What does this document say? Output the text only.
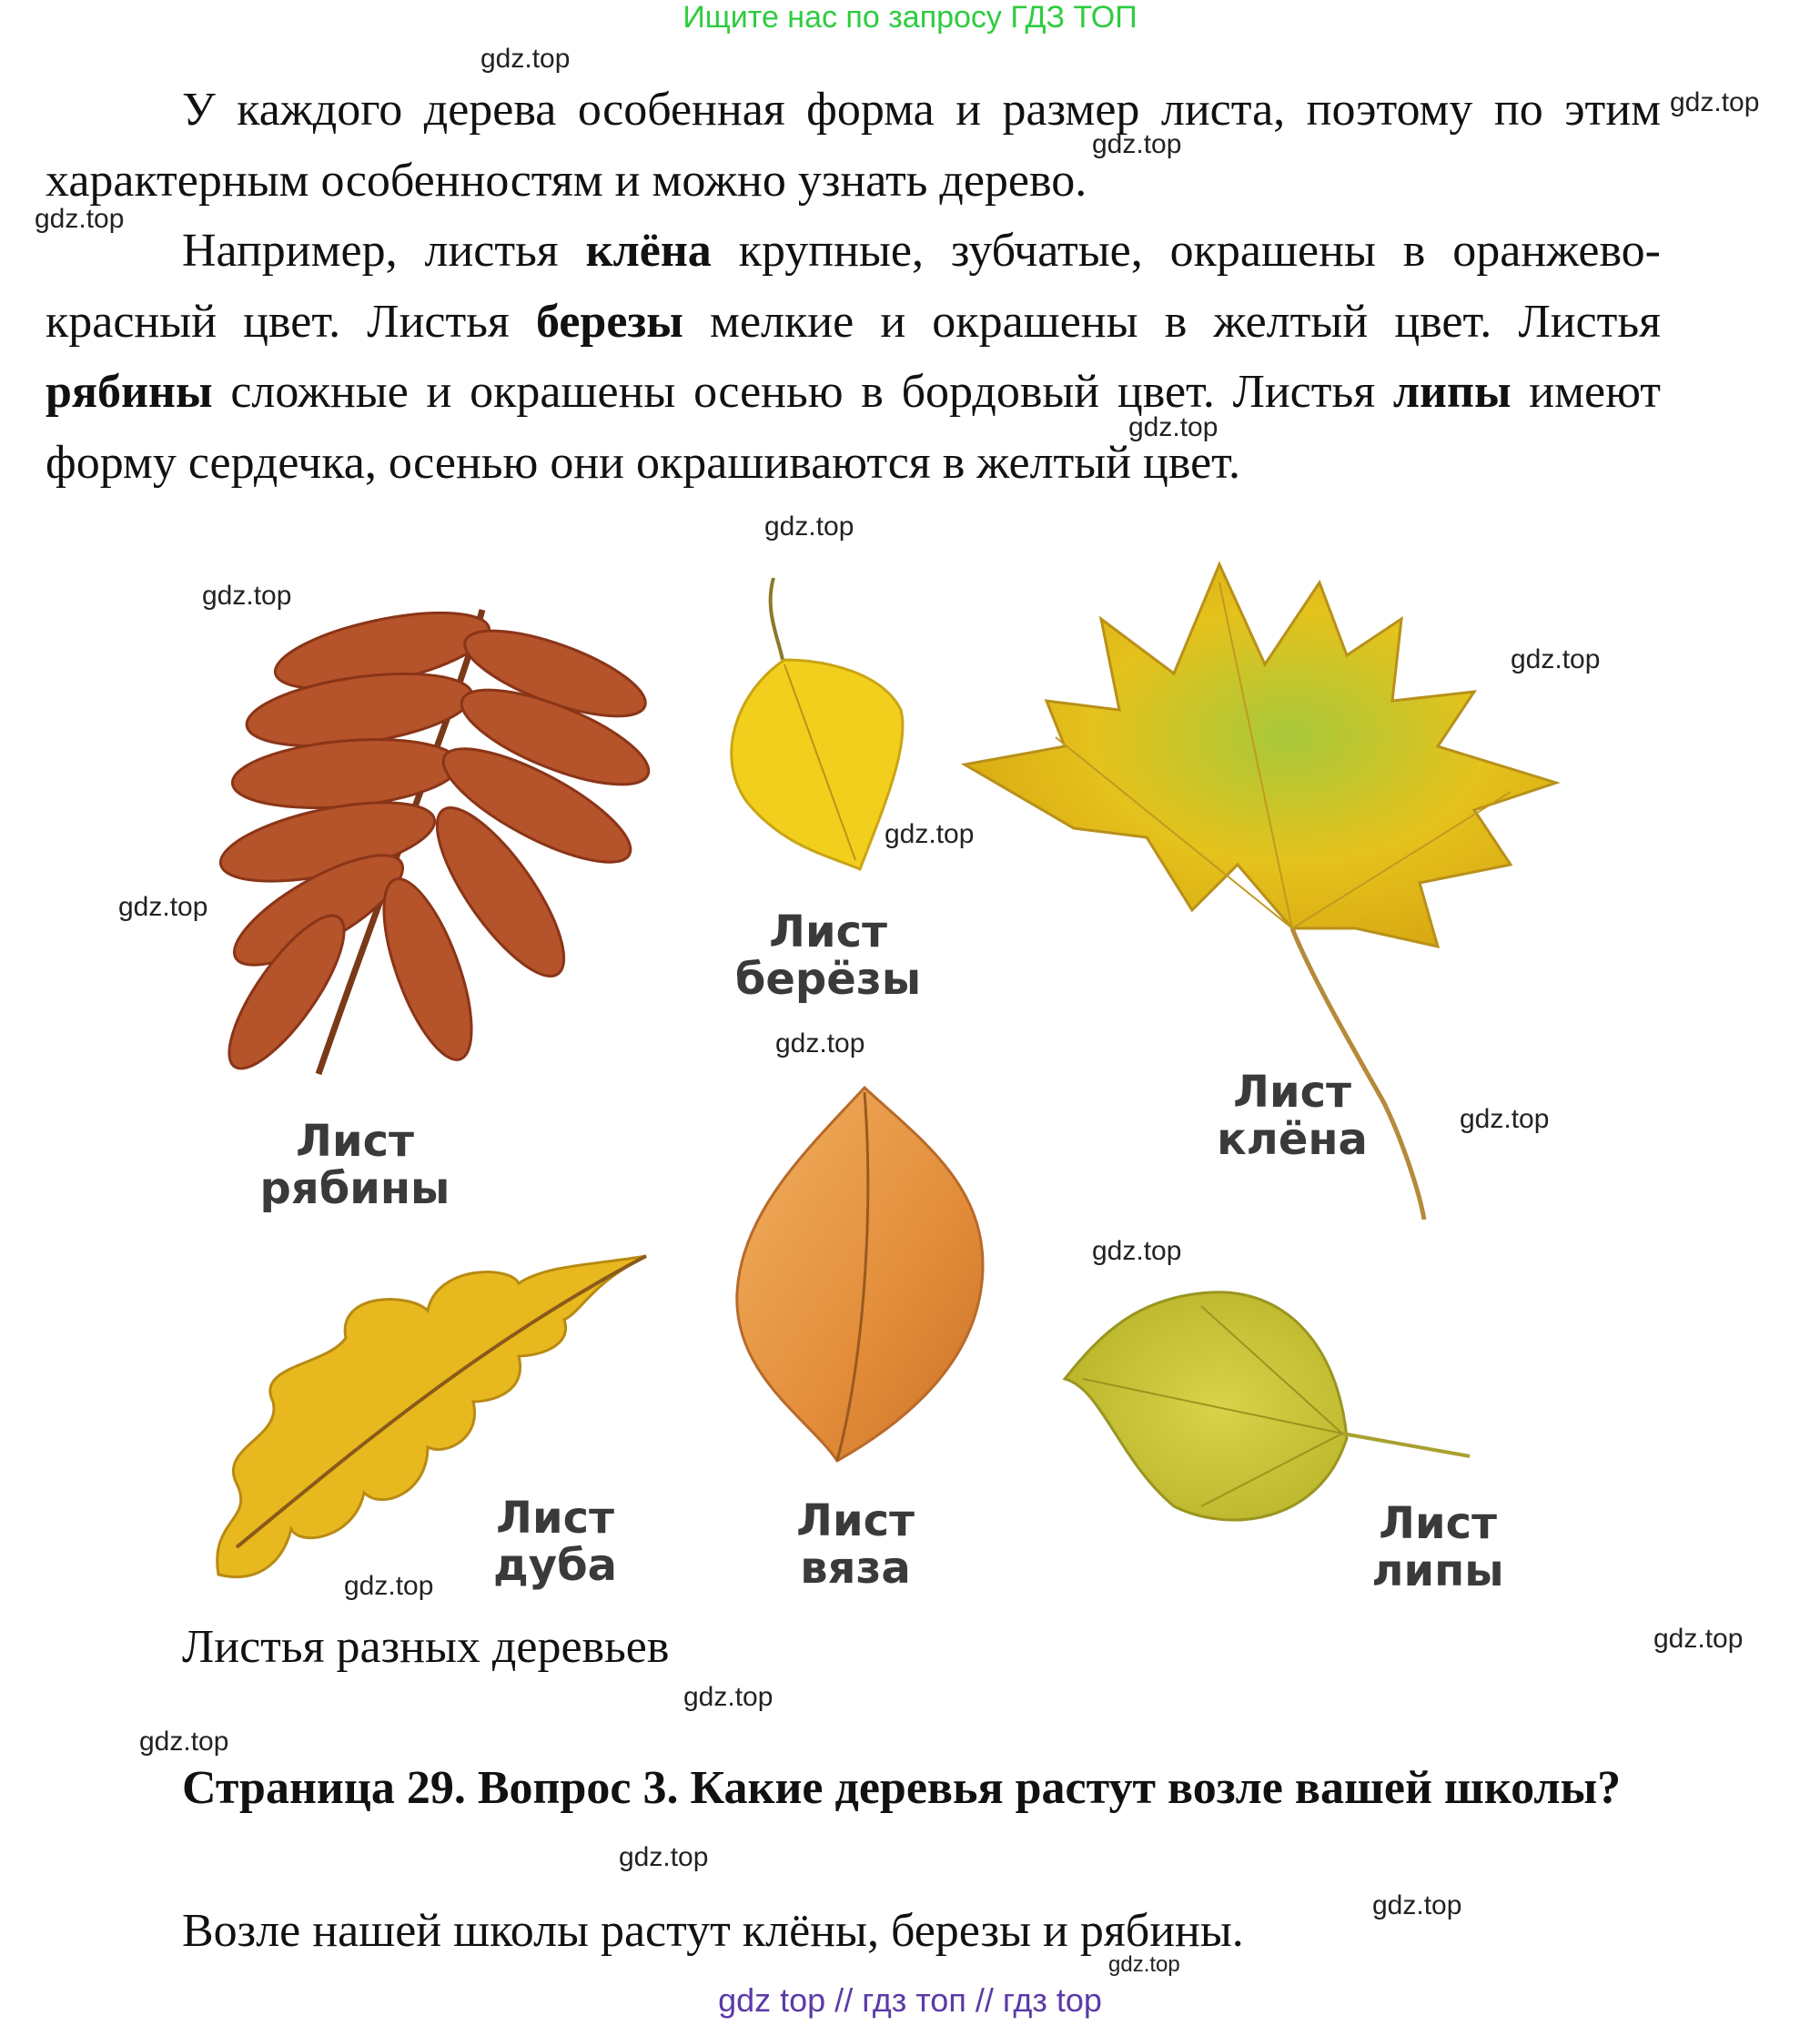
Ищите нас по запросу ГДЗ ТОП

У каждого дерева особенная форма и размер листа, поэтому по этим характерным особенностям и можно узнать дерево.

Например, листья клёна крупные, зубчатые, окрашены в оранжево-красный цвет. Листья березы мелкие и окрашены в желтый цвет. Листья рябины сложные и окрашены осенью в бордовый цвет. Листья липы имеют форму сердечка, осенью они окрашиваются в желтый цвет.

Лист
рябины
Лист
берёзы
Лист
клёна
Лист
дуба
Лист
вяза
Лист
липы
Листья разных деревьев

Страница 29. Вопрос 3. Какие деревья растут возле вашей школы?

Возле нашей школы растут клёны, березы и рябины.
gdz.top
gdz.top
gdz.top
gdz.top
gdz.top
gdz.top
gdz.top
gdz.top
gdz.top
gdz.top
gdz.top
gdz.top
gdz.top
gdz.top
gdz.top
gdz.top
gdz.top
gdz.top
gdz.top
gdz.top
gdz top // гдз топ // гдз top
